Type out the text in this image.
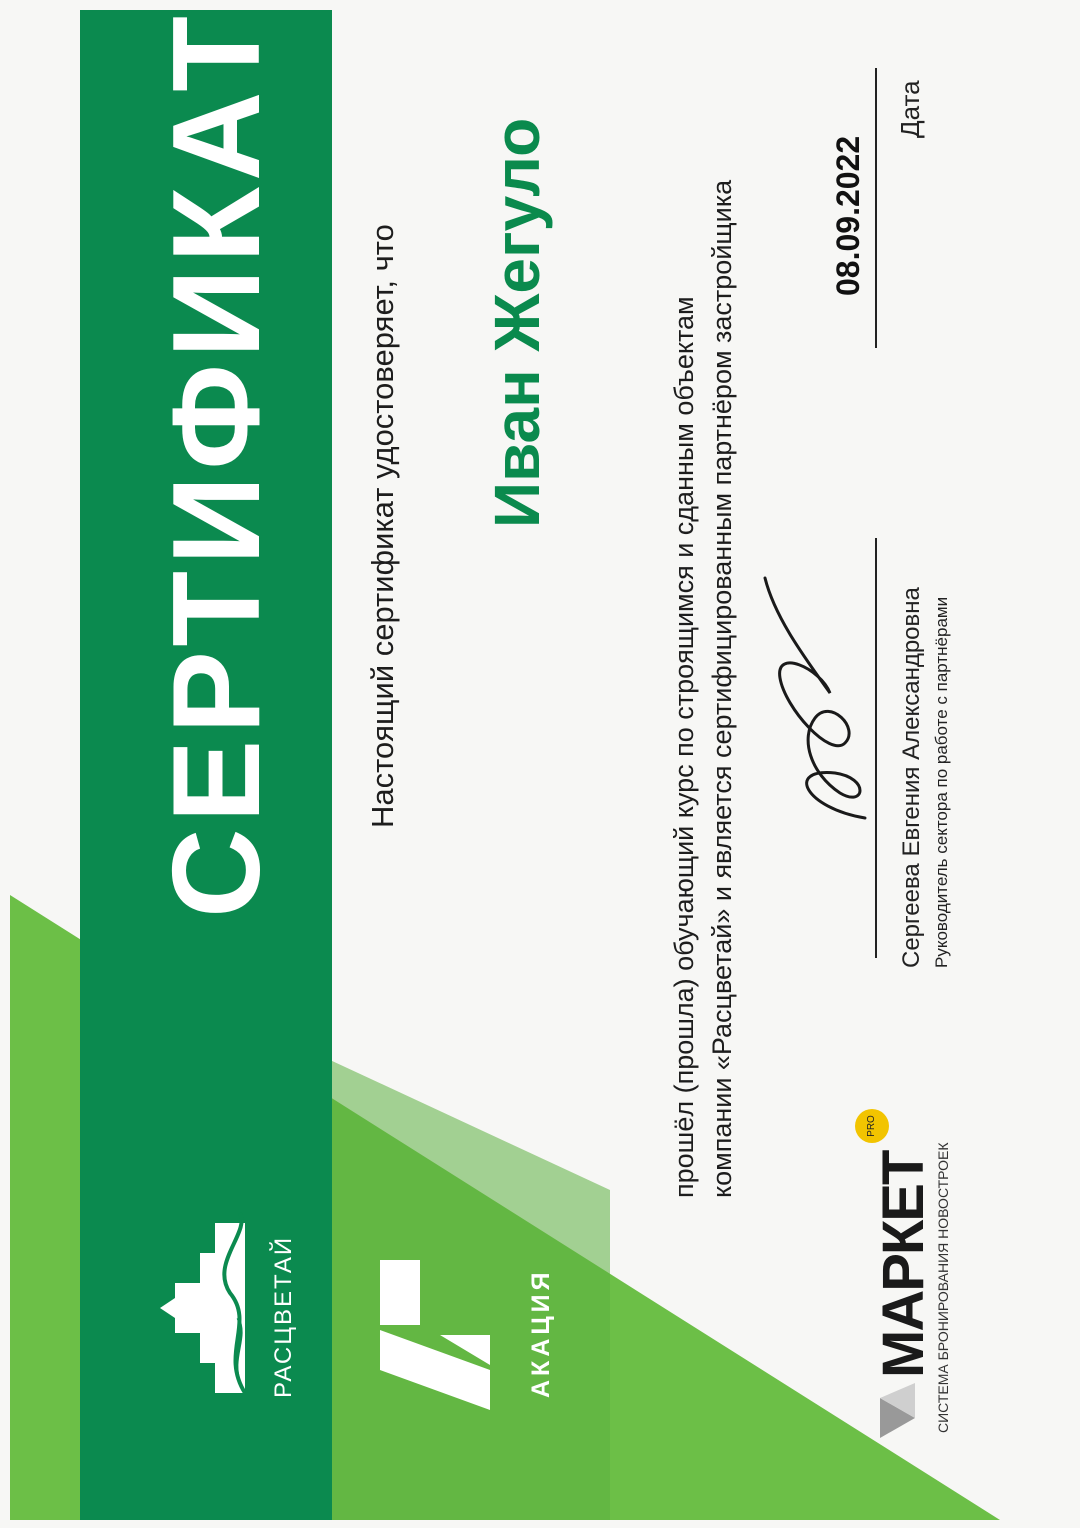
СЕРТИФИКАТ	Настоящий сертификат удостоверяет, что Иван Жегуло	прошёл (прошла) обучающий курс по строящимся и сданным объектам компании «Расцветай» и является сертифицированным партнёром застройщика	08.09.2022
Дата
Сергеева Евгения Александровна Руководитель сектора по работе с партнёрами
РАСЦВЕТАЙ	АКАЦИЯ	МАРКЕТ
PRO
СИСТЕМА БРОНИРОВАНИЯ НОВОСТРОЕК
